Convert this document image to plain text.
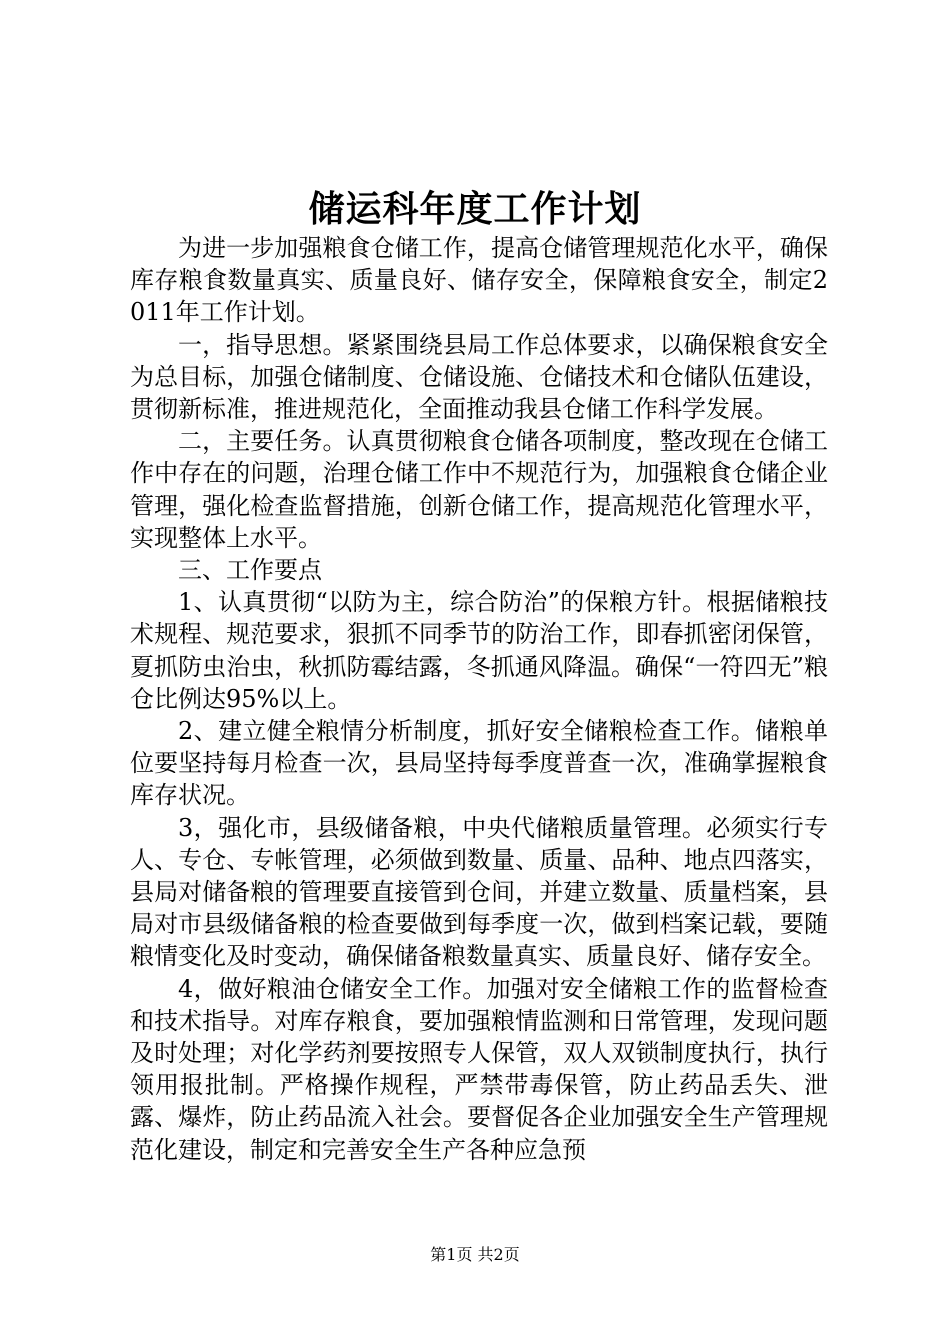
储运科年度工作计划

为进一步加强粮食仓储工作，提高仓储管理规范化水平，确保库存粮食数量真实、质量良好、储存安全，保障粮食安全，制定2011年工作计划。

一，指导思想。紧紧围绕县局工作总体要求，以确保粮食安全为总目标，加强仓储制度、仓储设施、仓储技术和仓储队伍建设，贯彻新标准，推进规范化，全面推动我县仓储工作科学发展。

二，主要任务。认真贯彻粮食仓储各项制度，整改现在仓储工作中存在的问题，治理仓储工作中不规范行为，加强粮食仓储企业管理，强化检查监督措施，创新仓储工作，提高规范化管理水平，实现整体上水平。

三、工作要点

1、认真贯彻“以防为主，综合防治”的保粮方针。根据储粮技术规程、规范要求，狠抓不同季节的防治工作，即春抓密闭保管，夏抓防虫治虫，秋抓防霉结露，冬抓通风降温。确保“一符四无”粮仓比例达95%以上。

2、建立健全粮情分析制度，抓好安全储粮检查工作。储粮单位要坚持每月检查一次，县局坚持每季度普查一次，准确掌握粮食库存状况。

3，强化市，县级储备粮，中央代储粮质量管理。必须实行专人、专仓、专帐管理，必须做到数量、质量、品种、地点四落实，县局对储备粮的管理要直接管到仓间，并建立数量、质量档案，县局对市县级储备粮的检查要做到每季度一次，做到档案记载，要随粮情变化及时变动，确保储备粮数量真实、质量良好、储存安全。

4，做好粮油仓储安全工作。加强对安全储粮工作的监督检查和技术指导。对库存粮食，要加强粮情监测和日常管理，发现问题及时处理；对化学药剂要按照专人保管，双人双锁制度执行，执行领用报批制。严格操作规程，严禁带毒保管，防止药品丢失、泄露、爆炸，防止药品流入社会。要督促各企业加强安全生产管理规范化建设，制定和完善安全生产各种应急预

第1页 共2页
